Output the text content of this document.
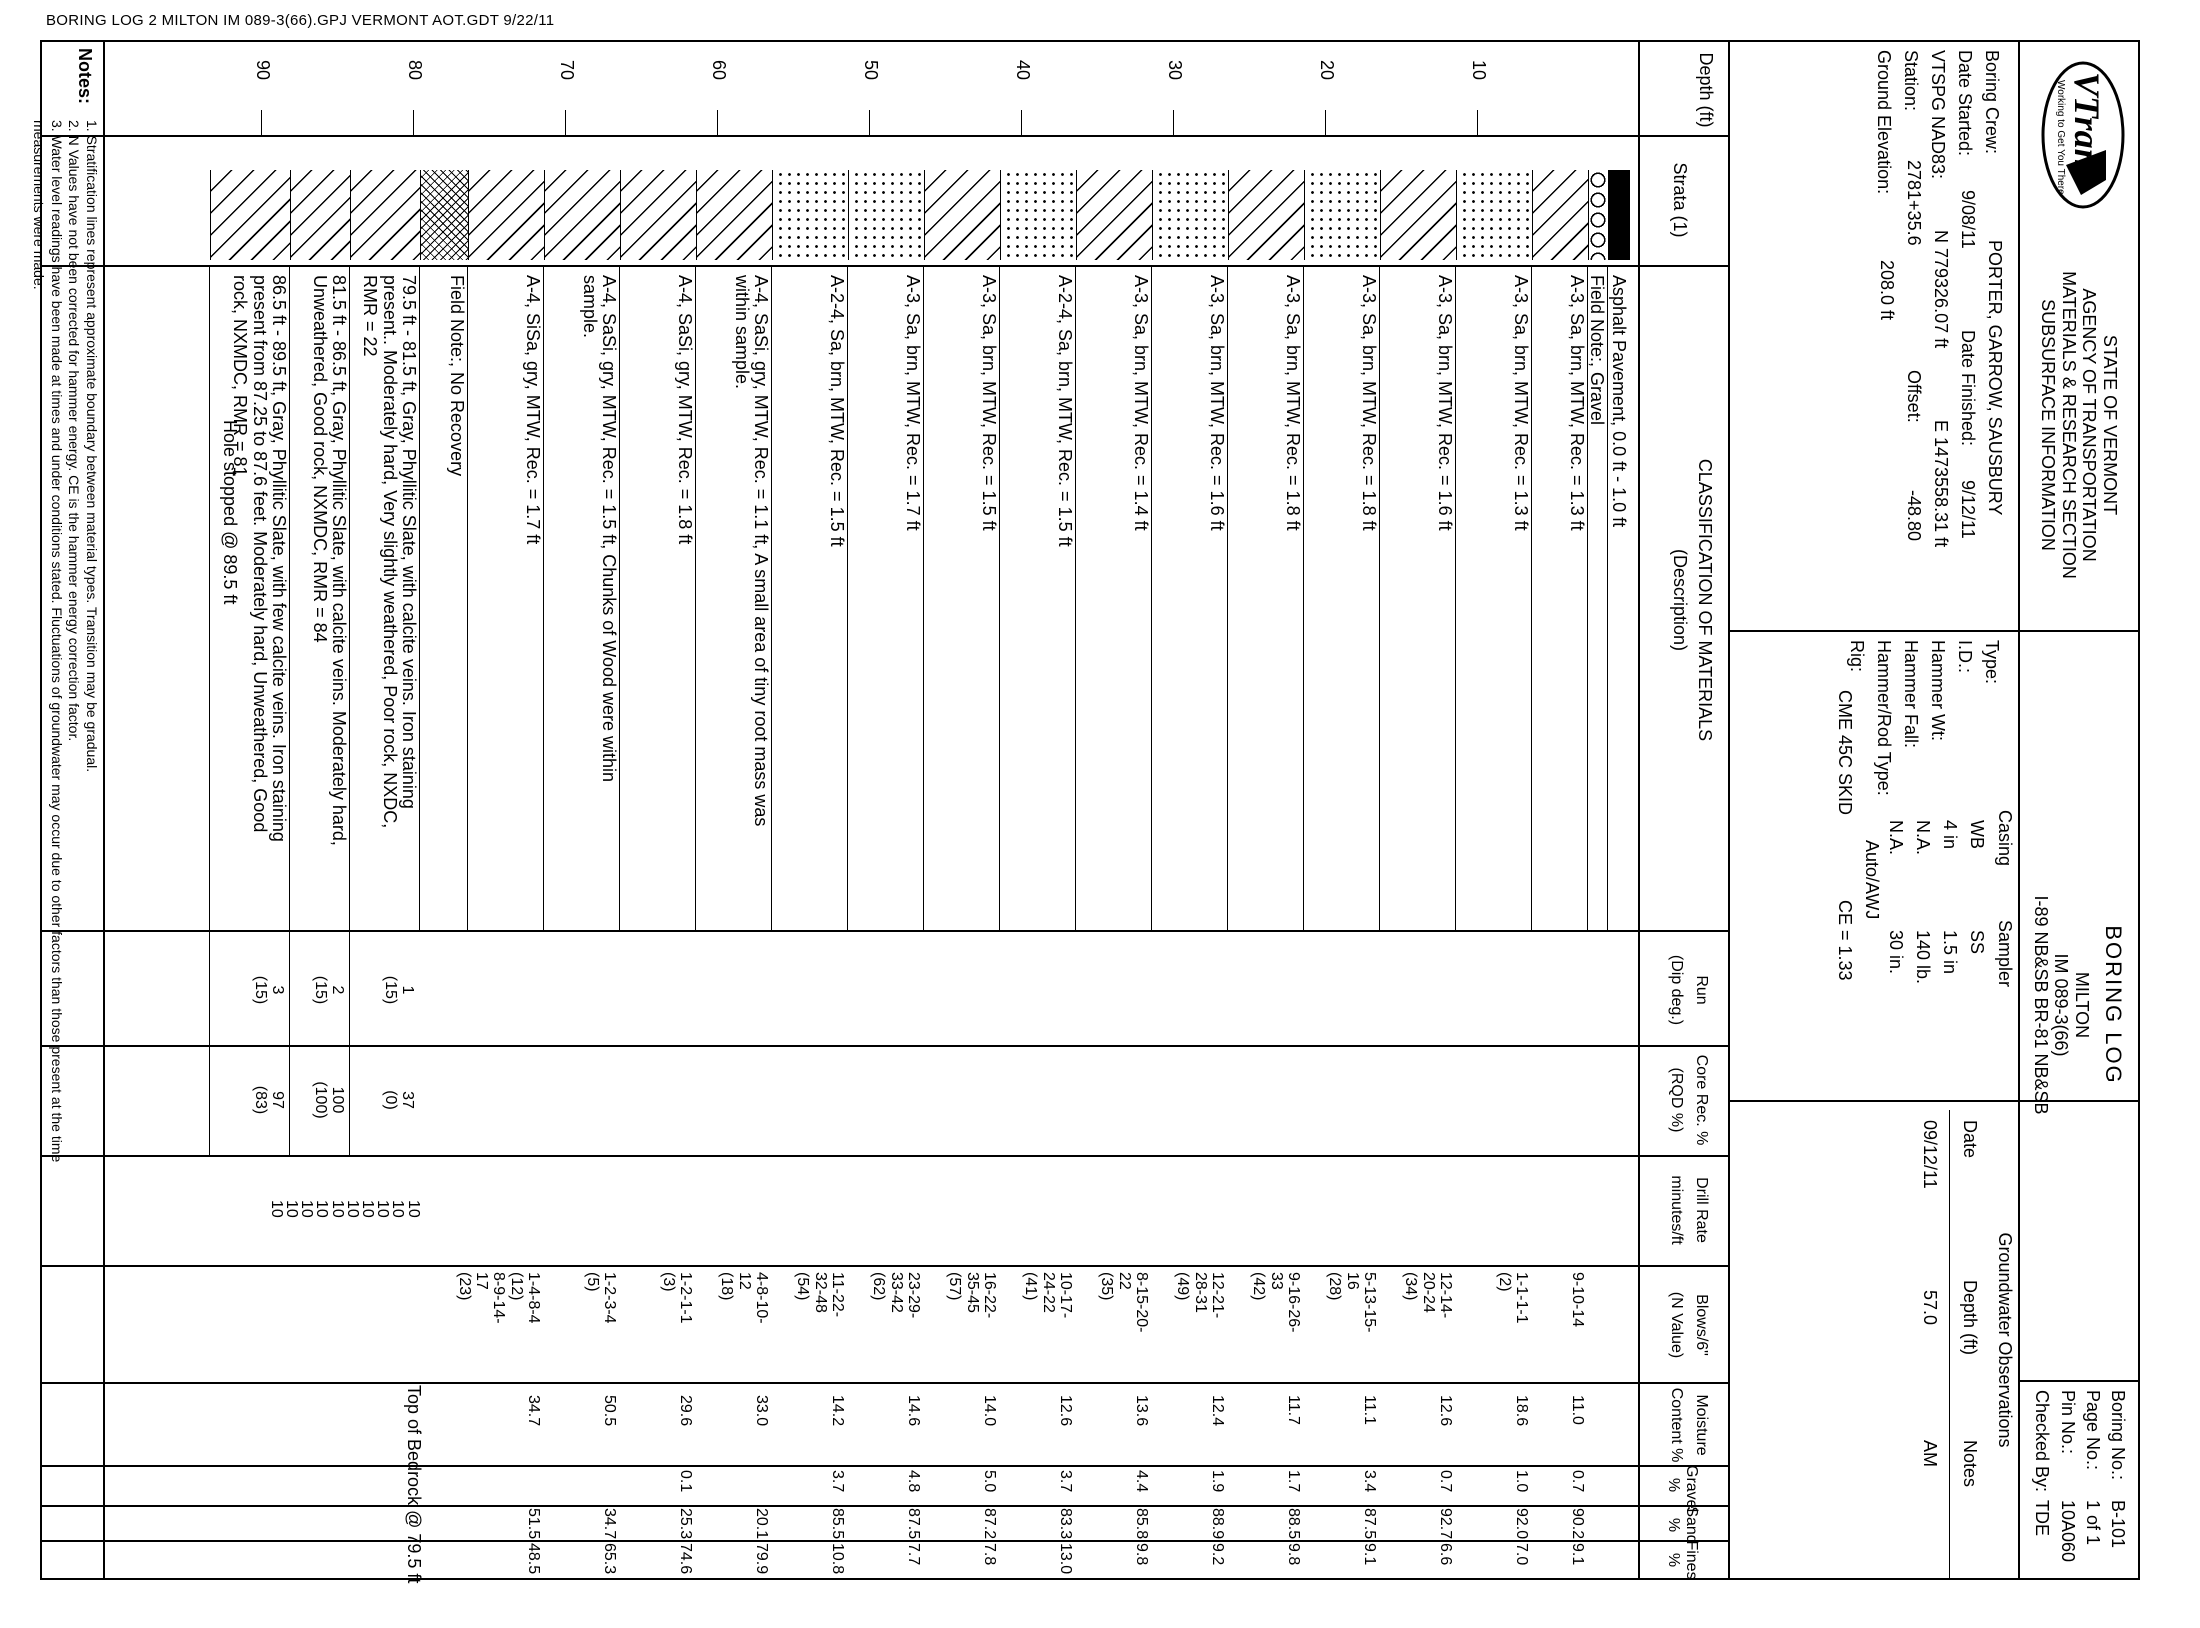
BORING LOG 2 MILTON IM 089-3(66).GPJ VERMONT AOT.GDT 9/22/11
VTrans
Working to Get You There
STATE OF VERMONT
AGENCY OF TRANSPORTATION
MATERIALS & RESEARCH SECTION
SUBSURFACE INFORMATION
BORING LOG
MILTON
IM 089-3(66)
I-89 NB&SB BR-81 NB&SB
Boring No.:
Page No.:
Pin No.:
Checked By:
B-101
1 of 1
10A060
TDE
Boring Crew:
Date Started:
VTSPG NAD83:
Station:
Ground Elevation:
PORTER, GARROW, SAUSBURY
9/08/11
Date Finished:
9/12/11
N 779326.07 ft
E 1473558.31 ft
2781+35.6
Offset:
-48.80
208.0 ft
Type:
I.D.:
Hammer Wt:
Hammer Fall:
Hammer/Rod Type:
Rig:
Casing
Sampler
WB
4 in
N.A.
N.A.
SS
1.5 in
140 lb.
30 in.
Auto/AWJ
CME 45C SKID
CE = 1.33
Groundwater Observations
Date
Depth (ft)
Notes
09/12/11
57.0
AM
Depth (ft)
Strata (1)
CLASSIFICATION OF MATERIALS
(Description)
Run
(Dip deg.)
Core Rec. %
(RQD %)
Drill Rate
minutes/ft
Blows/6"
(N Value)
Moisture
Content %
Gravel %
Sand %
Fines %
10
20
30
40
50
60
70
80
90
Asphalt Pavement, 0.0 ft - 1.0 ft
Field Note:, Gravel
A-3, Sa, brn, MTW, Rec. = 1.3 ft
9-10-14
11.0
0.7
90.2
9.1
A-3, Sa, brn, MTW, Rec. = 1.3 ft
1-1-1-1
(2)
18.6
1.0
92.0
7.0
A-3, Sa, brn, MTW, Rec. = 1.6 ft
12-14-
20-24
(34)
12.6
0.7
92.7
6.6
A-3, Sa, brn, MTW, Rec. = 1.8 ft
5-13-15-
16
(28)
11.1
3.4
87.5
9.1
A-3, Sa, brn, MTW, Rec. = 1.8 ft
9-16-26-
33
(42)
11.7
1.7
88.5
9.8
A-3, Sa, brn, MTW, Rec. = 1.6 ft
12-21-
28-31
(49)
12.4
1.9
88.9
9.2
A-3, Sa, brn, MTW, Rec. = 1.4 ft
8-15-20-
22
(35)
13.6
4.4
85.8
9.8
A-2-4, Sa, brn, MTW, Rec. = 1.5 ft
10-17-
24-22
(41)
12.6
3.7
83.3
13.0
A-3, Sa, brn, MTW, Rec. = 1.5 ft
16-22-
35-45
(57)
14.0
5.0
87.2
7.8
A-3, Sa, brn, MTW, Rec. = 1.7 ft
23-29-
33-42
(62)
14.6
4.8
87.5
7.7
A-2-4, Sa, brn, MTW, Rec. = 1.5 ft
11-22-
32-48
(54)
14.2
3.7
85.5
10.8
A-4, SaSi, gry, MTW, Rec. = 1.1 ft, A small area of tiny root mass was
within sample.
4-8-10-
12
(18)
33.0
20.1
79.9
A-4, SaSi, gry, MTW, Rec. = 1.8 ft
1-2-1-1
(3)
29.6
0.1
25.3
74.6
A-4, SaSi, gry, MTW, Rec. = 1.5 ft, Chunks of Wood were within
sample.
1-2-3-4
(5)
50.5
34.7
65.3
A-4, SiSa, gry, MTW, Rec. = 1.7 ft
1-4-8-4
(12)
8-9-14-
17
(23)
34.7
51.5
48.5
Field Note:, No Recovery
Top of Bedrock @ 79.5 ft
79.5 ft - 81.5 ft, Gray, Phyllitic Slate, with calcite veins. Iron staining
present.. Moderately hard, Very slightly weathered, Poor rock, NXDC,
RMR = 22
1
(15)
37
(0)
81.5 ft - 86.5 ft, Gray, Phyllitic Slate, with calcite veins. Moderately hard,
Unweathered, Good rock, NXMDC, RMR = 84
2
(15)
100
(100)
86.5 ft - 89.5 ft, Gray, Phyllitic Slate, with few calcite veins. Iron staining
present from 87.25 to 87.6 feet. Moderately hard, Unweathered, Good
rock, NXMDC, RMR = 81
3
(15)
97
(83)
10
10
10
10
10
10
10
10
10
10
Hole stopped @ 89.5 ft
Notes:
1. Stratification lines represent approximate boundary between material types. Transition may be gradual.
2. N Values have not been corrected for hammer energy. CE is the hammer energy correction factor.
3. Water level readings have been made at times and under conditions stated. Fluctuations of groundwater may occur due to other factors than those present at the time
measurements were made.
